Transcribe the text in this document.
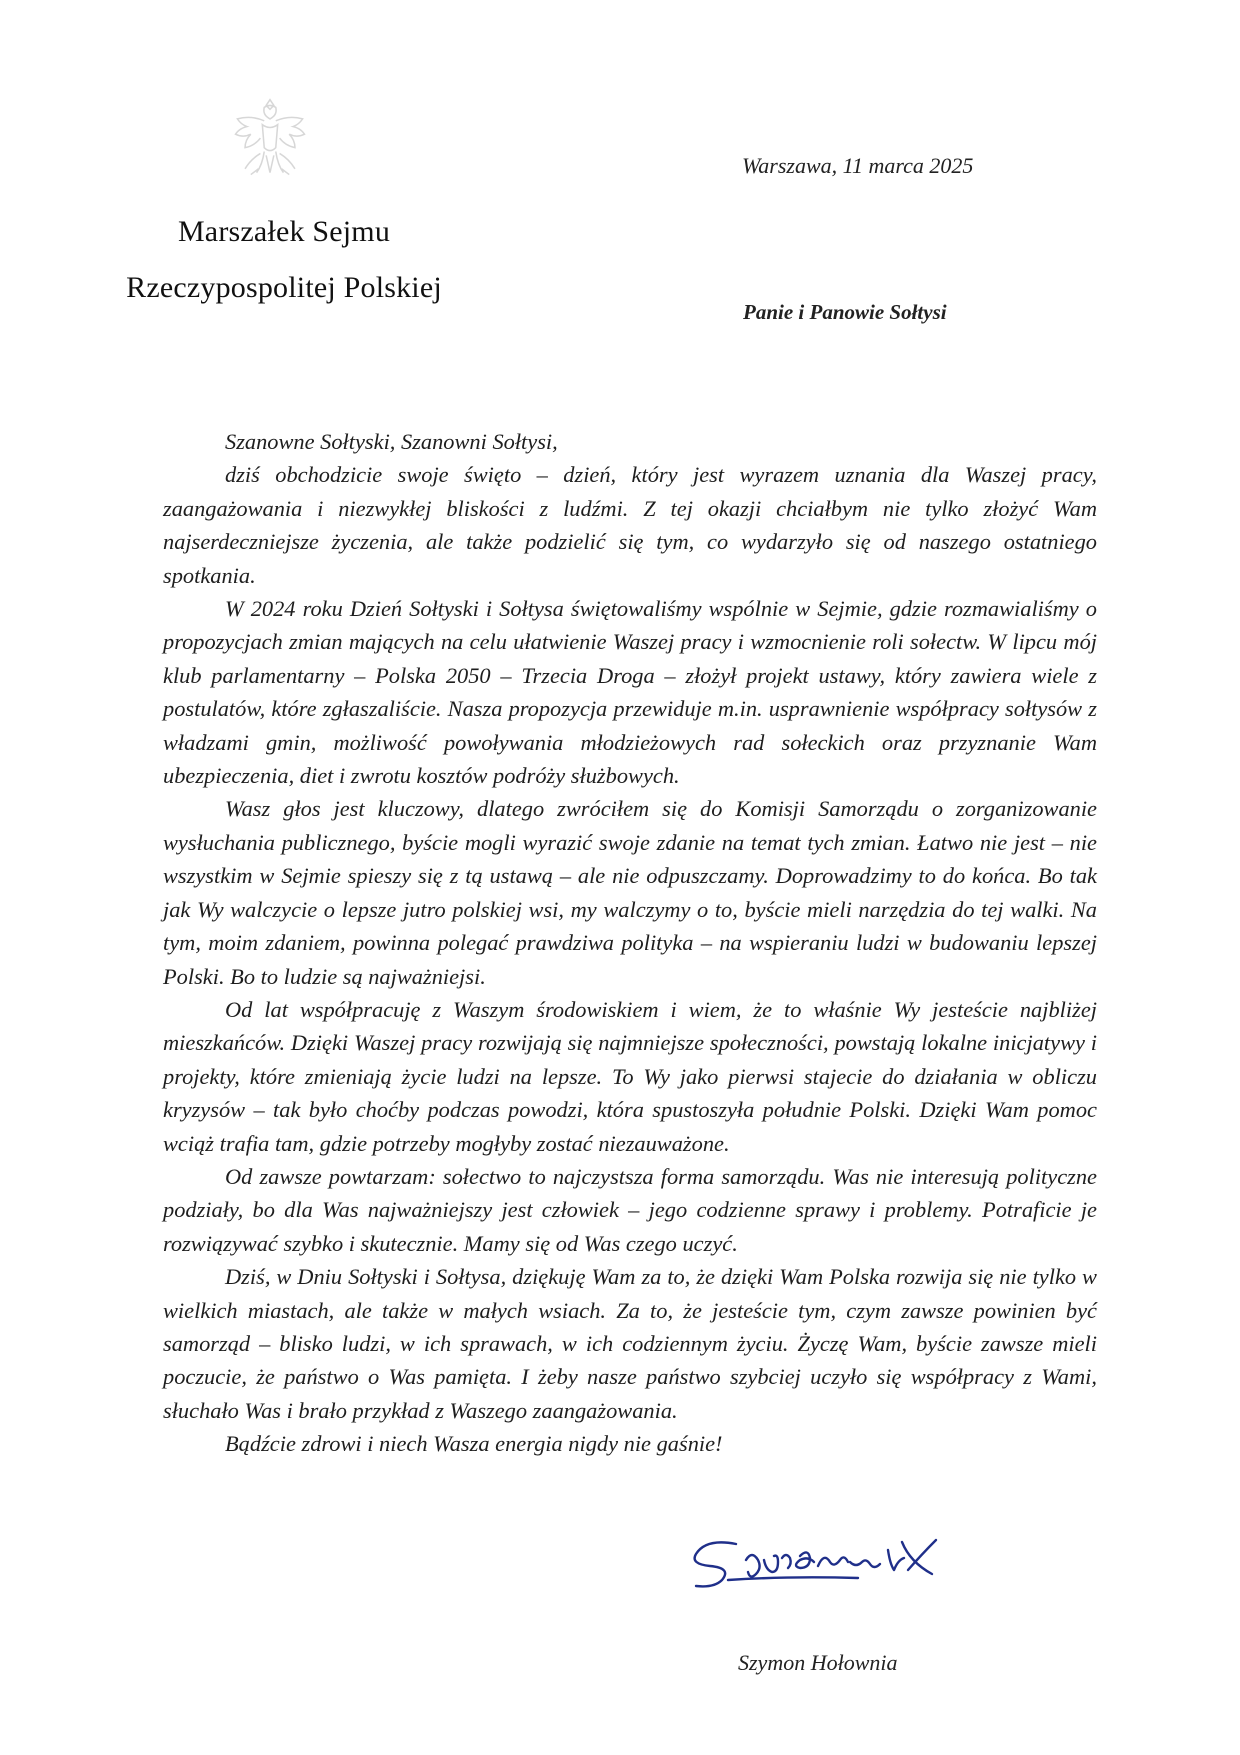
Marszałek Sejmu
Rzeczypospolitej Polskiej
Warszawa, 11 marca 2025
Panie i Panowie Sołtysi

Szanowne Sołtyski, Szanowni Sołtysi,

dziś obchodzicie swoje święto – dzień, który jest wyrazem uznania dla Waszej pracy, zaangażowania i niezwykłej bliskości z ludźmi. Z tej okazji chciałbym nie tylko złożyć Wam najserdeczniejsze życzenia, ale także podzielić się tym, co wydarzyło się od naszego ostatniego spotkania.

W 2024 roku Dzień Sołtyski i Sołtysa świętowaliśmy wspólnie w Sejmie, gdzie rozmawialiśmy o propozycjach zmian mających na celu ułatwienie Waszej pracy i wzmocnienie roli sołectw. W lipcu mój klub parlamentarny – Polska 2050 – Trzecia Droga – złożył projekt ustawy, który zawiera wiele z postulatów, które zgłaszaliście. Nasza propozycja przewiduje m.in. usprawnienie współpracy sołtysów z władzami gmin, możliwość powoływania młodzieżowych rad sołeckich oraz przyznanie Wam ubezpieczenia, diet i zwrotu kosztów podróży służbowych.

Wasz głos jest kluczowy, dlatego zwróciłem się do Komisji Samorządu o zorganizowanie wysłuchania publicznego, byście mogli wyrazić swoje zdanie na temat tych zmian. Łatwo nie jest – nie wszystkim w Sejmie spieszy się z tą ustawą – ale nie odpuszczamy. Doprowadzimy to do końca. Bo tak jak Wy walczycie o lepsze jutro polskiej wsi, my walczymy o to, byście mieli narzędzia do tej walki. Na tym, moim zdaniem, powinna polegać prawdziwa polityka – na wspieraniu ludzi w budowaniu lepszej Polski. Bo to ludzie są najważniejsi.

Od lat współpracuję z Waszym środowiskiem i wiem, że to właśnie Wy jesteście najbliżej mieszkańców. Dzięki Waszej pracy rozwijają się najmniejsze społeczności, powstają lokalne inicjatywy i projekty, które zmieniają życie ludzi na lepsze. To Wy jako pierwsi stajecie do działania w obliczu kryzysów – tak było choćby podczas powodzi, która spustoszyła południe Polski. Dzięki Wam pomoc wciąż trafia tam, gdzie potrzeby mogłyby zostać niezauważone.

Od zawsze powtarzam: sołectwo to najczystsza forma samorządu. Was nie interesują polityczne podziały, bo dla Was najważniejszy jest człowiek – jego codzienne sprawy i problemy. Potraficie je rozwiązywać szybko i skutecznie. Mamy się od Was czego uczyć.

Dziś, w Dniu Sołtyski i Sołtysa, dziękuję Wam za to, że dzięki Wam Polska rozwija się nie tylko w wielkich miastach, ale także w małych wsiach. Za to, że jesteście tym, czym zawsze powinien być samorząd – blisko ludzi, w ich sprawach, w ich codziennym życiu. Życzę Wam, byście zawsze mieli poczucie, że państwo o Was pamięta. I żeby nasze państwo szybciej uczyło się współpracy z Wami, słuchało Was i brało przykład z Waszego zaangażowania.

Bądźcie zdrowi i niech Wasza energia nigdy nie gaśnie!

Szymon Hołownia
